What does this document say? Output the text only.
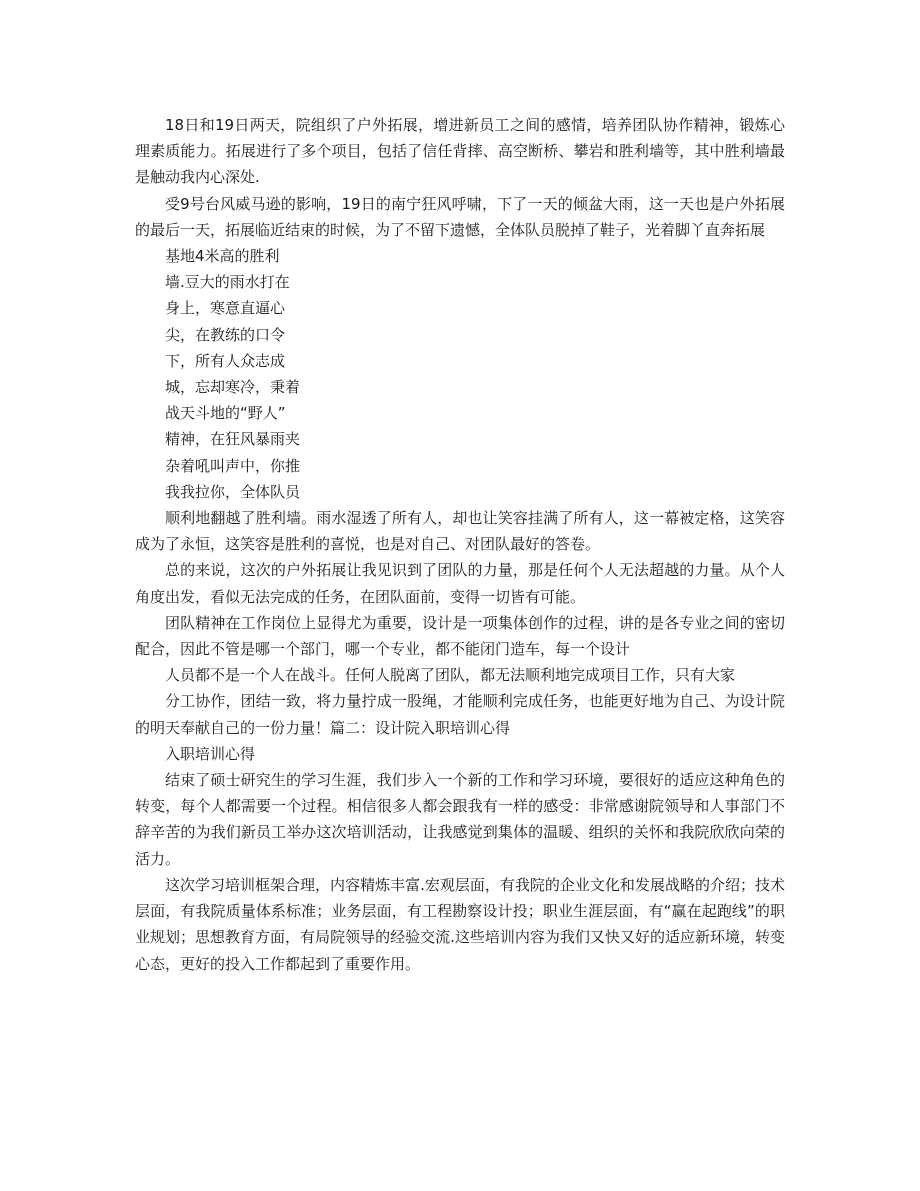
18日和19日两天，院组织了户外拓展，增进新员工之间的感情，培养团队协作精神，锻炼心理素质能力。拓展进行了多个项目，包括了信任背摔、高空断桥、攀岩和胜利墙等，其中胜利墙最是触动我内心深处.

受9号台风威马逊的影响，19日的南宁狂风呼啸，下了一天的倾盆大雨，这一天也是户外拓展的最后一天，拓展临近结束的时候，为了不留下遗憾，全体队员脱掉了鞋子，光着脚丫直奔拓展

基地4米高的胜利

墙.豆大的雨水打在

身上，寒意直逼心

尖，在教练的口令

下，所有人众志成

城，忘却寒冷，秉着

战天斗地的“野人”

精神，在狂风暴雨夹

杂着吼叫声中，你推

我我拉你，全体队员

顺利地翻越了胜利墙。雨水湿透了所有人，却也让笑容挂满了所有人，这一幕被定格，这笑容成为了永恒，这笑容是胜利的喜悦，也是对自己、对团队最好的答卷。

总的来说，这次的户外拓展让我见识到了团队的力量，那是任何个人无法超越的力量。从个人角度出发，看似无法完成的任务，在团队面前，变得一切皆有可能。

团队精神在工作岗位上显得尤为重要，设计是一项集体创作的过程，讲的是各专业之间的密切配合，因此不管是哪一个部门，哪一个专业，都不能闭门造车，每一个设计

人员都不是一个人在战斗。任何人脱离了团队，都无法顺利地完成项目工作，只有大家

分工协作，团结一致，将力量拧成一股绳，才能顺利完成任务，也能更好地为自己、为设计院的明天奉献自己的一份力量！篇二：设计院入职培训心得

入职培训心得

结束了硕士研究生的学习生涯，我们步入一个新的工作和学习环境，要很好的适应这种角色的转变，每个人都需要一个过程。相信很多人都会跟我有一样的感受：非常感谢院领导和人事部门不辞辛苦的为我们新员工举办这次培训活动，让我感觉到集体的温暖、组织的关怀和我院欣欣向荣的活力。

这次学习培训框架合理，内容精炼丰富.宏观层面，有我院的企业文化和发展战略的介绍；技术层面，有我院质量体系标准；业务层面，有工程勘察设计投；职业生涯层面，有“赢在起跑线”的职业规划；思想教育方面，有局院领导的经验交流.这些培训内容为我们又快又好的适应新环境，转变心态，更好的投入工作都起到了重要作用。
